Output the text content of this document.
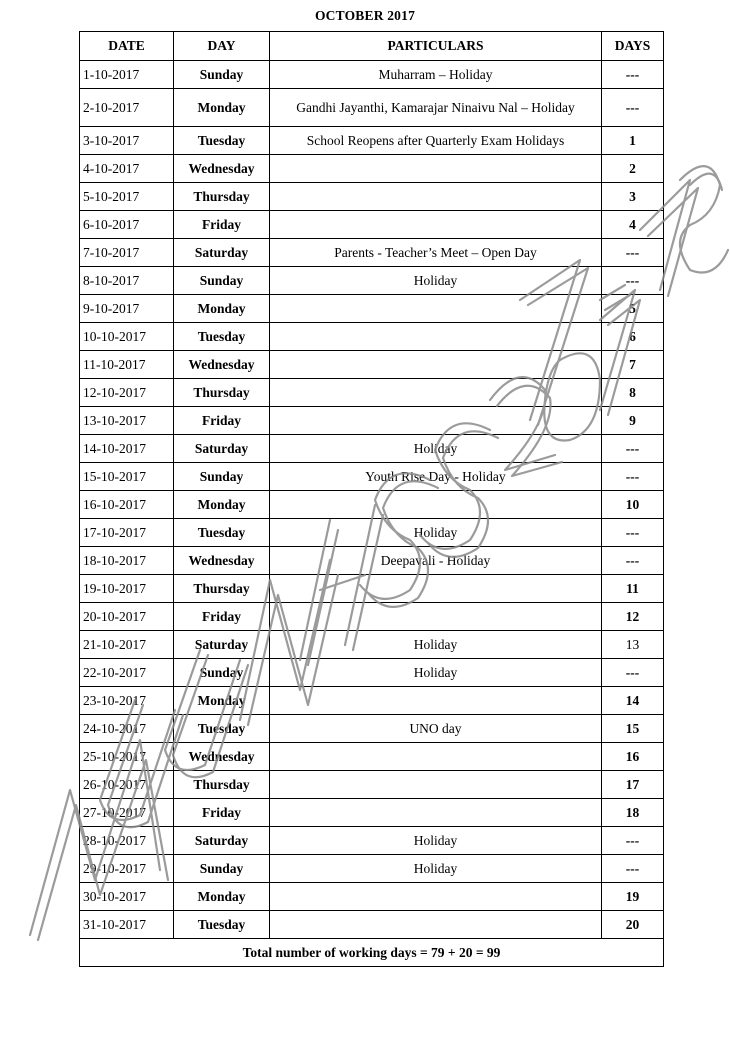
OCTOBER 2017
DATE	DAY	PARTICULARS	DAYS
1-10-2017	Sunday	Muharram – Holiday	---
2-10-2017	Monday	Gandhi Jayanthi, Kamarajar Ninaivu Nal – Holiday	---
3-10-2017	Tuesday	School Reopens after Quarterly Exam Holidays	1
4-10-2017	Wednesday		2
5-10-2017	Thursday		3
6-10-2017	Friday		4
7-10-2017	Saturday	Parents - Teacher’s Meet – Open Day	---
8-10-2017	Sunday	Holiday	---
9-10-2017	Monday		5
10-10-2017	Tuesday		6
11-10-2017	Wednesday		7
12-10-2017	Thursday		8
13-10-2017	Friday		9
14-10-2017	Saturday	Holiday	---
15-10-2017	Sunday	Youth Rise Day - Holiday	---
16-10-2017	Monday		10
17-10-2017	Tuesday	Holiday	---
18-10-2017	Wednesday	Deepavali - Holiday	---
19-10-2017	Thursday		11
20-10-2017	Friday		12
21-10-2017	Saturday	Holiday	13
22-10-2017	Sunday	Holiday	---
23-10-2017	Monday		14
24-10-2017	Tuesday	UNO day	15
25-10-2017	Wednesday		16
26-10-2017	Thursday		17
27-10-2017	Friday		18
28-10-2017	Saturday	Holiday	---
29-10-2017	Sunday	Holiday	---
30-10-2017	Monday		19
31-10-2017	Tuesday		20
Total number of working days = 79 + 20 = 99			
